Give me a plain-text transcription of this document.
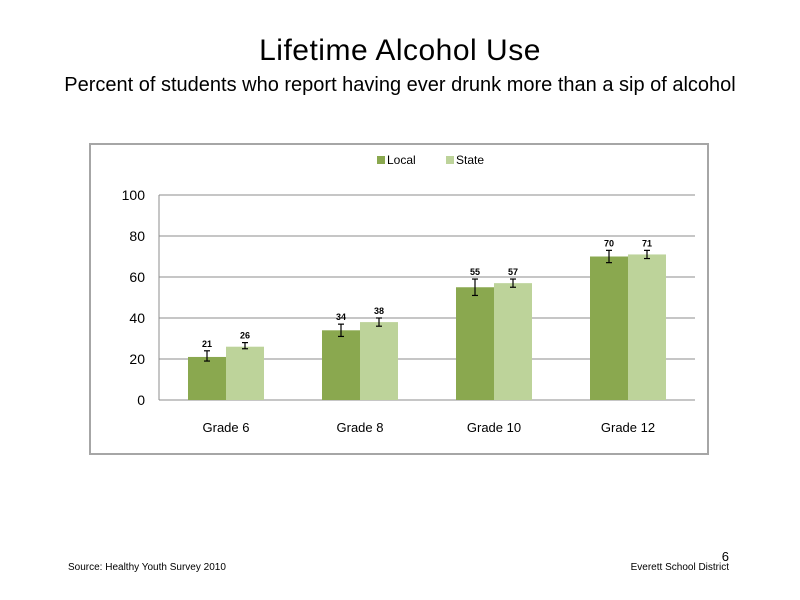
Lifetime Alcohol Use
Percent of students who report having ever drunk more than a sip of alcohol
0
20
40
60
80
100
Local	State
Grade 6
21
26
Grade 8
34
38
Grade 10
55	57
Grade 12
70	71
6
Source: Healthy Youth Survey 2010	Everett School District
